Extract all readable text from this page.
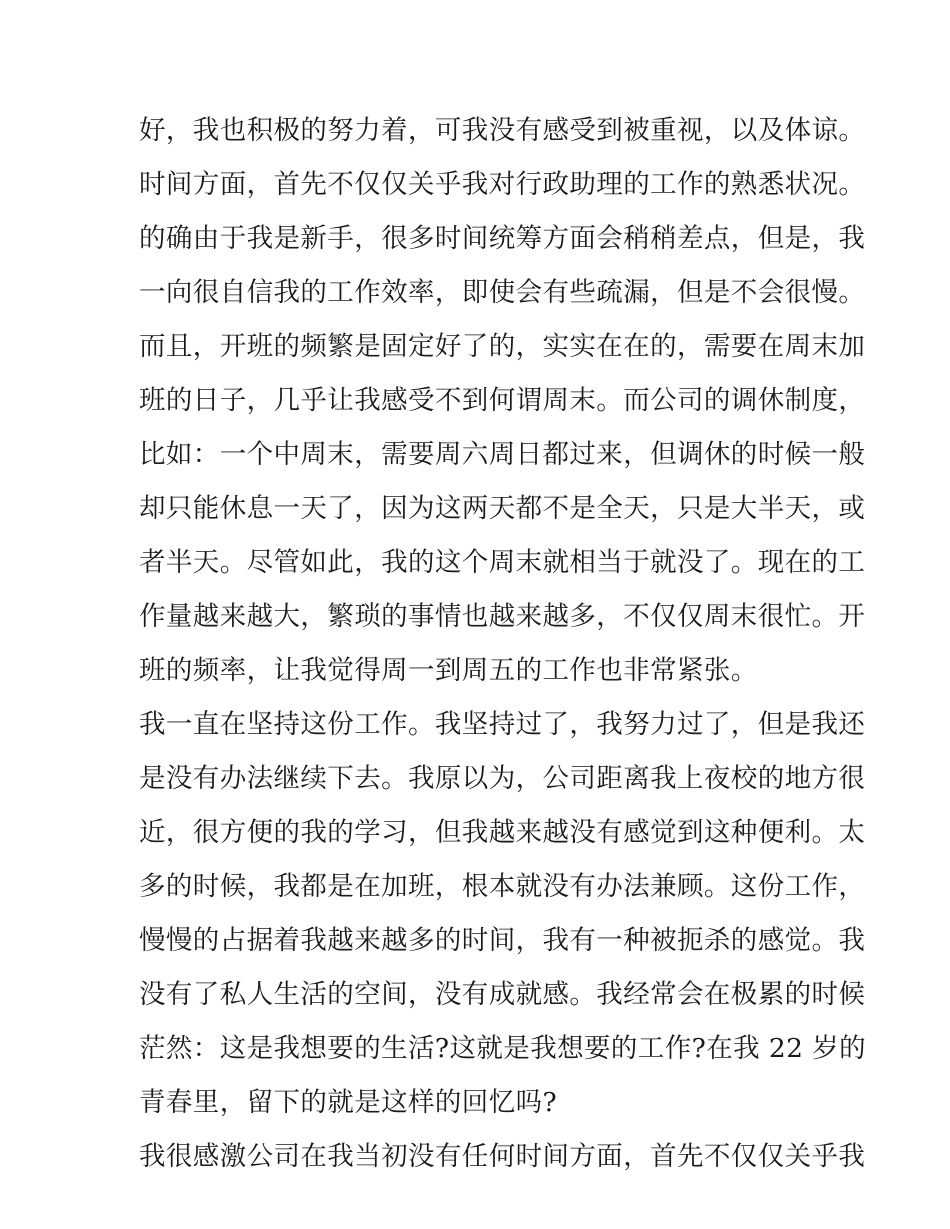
好，我也积极的努力着，可我没有感受到被重视，以及体谅。
时间方面，首先不仅仅关乎我对行政助理的工作的熟悉状况。
的确由于我是新手，很多时间统筹方面会稍稍差点，但是，我
一向很自信我的工作效率，即使会有些疏漏，但是不会很慢。
而且，开班的频繁是固定好了的，实实在在的，需要在周末加
班的日子，几乎让我感受不到何谓周末。而公司的调休制度，
比如：一个中周末，需要周六周日都过来，但调休的时候一般
却只能休息一天了，因为这两天都不是全天，只是大半天，或
者半天。尽管如此，我的这个周末就相当于就没了。现在的工
作量越来越大，繁琐的事情也越来越多，不仅仅周末很忙。开
班的频率，让我觉得周一到周五的工作也非常紧张。
我一直在坚持这份工作。我坚持过了，我努力过了，但是我还
是没有办法继续下去。我原以为，公司距离我上夜校的地方很
近，很方便的我的学习，但我越来越没有感觉到这种便利。太
多的时候，我都是在加班，根本就没有办法兼顾。这份工作，
慢慢的占据着我越来越多的时间，我有一种被扼杀的感觉。我
没有了私人生活的空间，没有成就感。我经常会在极累的时候
茫然：这是我想要的生活?这就是我想要的工作?在我 22 岁的
青春里，留下的就是这样的回忆吗?
我很感激公司在我当初没有任何时间方面，首先不仅仅关乎我
